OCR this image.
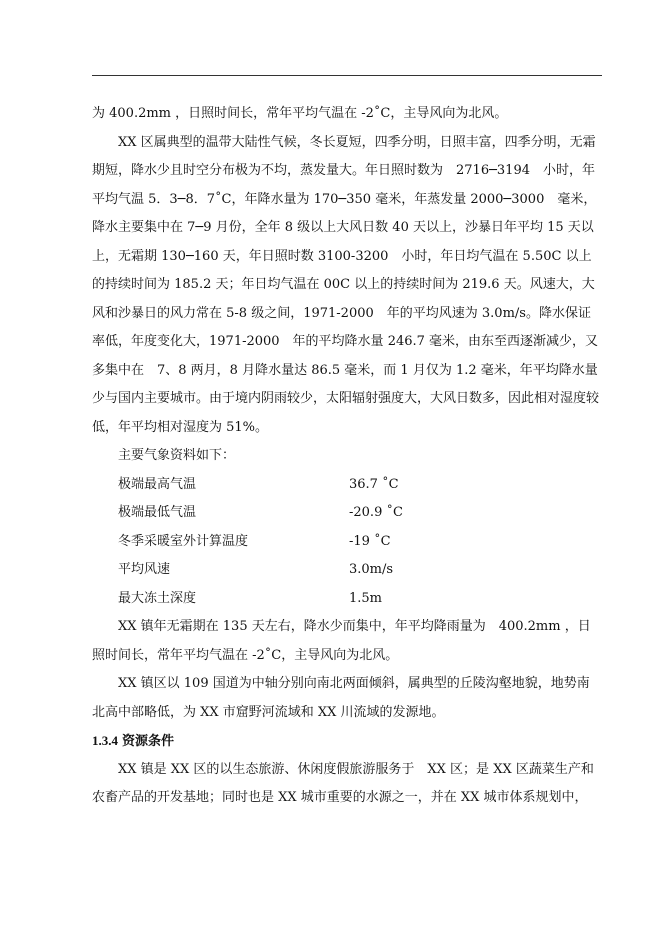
为 400.2mm ，日照时间长，常年平均气温在 -2˚C，主导风向为北风。

XX 区属典型的温带大陆性气候，冬长夏短，四季分明，日照丰富，四季分明，无霜期短，降水少且时空分布极为不均，蒸发量大。年日照时数为　2716─3194　小时，年平均气温 5．3─8．7˚C，年降水量为 170─350 毫米，年蒸发量 2000─3000　毫米，降水主要集中在 7─9 月份，全年 8 级以上大风日数 40 天以上，沙暴日年平均 15 天以上，无霜期 130─160 天，年日照时数 3100-3200　小时，年日均气温在 5.50C 以上的持续时间为 185.2 天；年日均气温在 00C 以上的持续时间为 219.6 天。风速大，大风和沙暴日的风力常在 5-8 级之间，1971-2000　年的平均风速为 3.0m/s。降水保证率低，年度变化大，1971-2000　年的平均降水量 246.7 毫米，由东至西逐渐减少，又多集中在　7、8 两月，8 月降水量达 86.5 毫米，而 1 月仅为 1.2 毫米，年平均降水量少与国内主要城市。由于境内阴雨较少，太阳辐射强度大，大风日数多，因此相对湿度较低，年平均相对湿度为 51%。

主要气象资料如下：

极端最高气温	36.7 ˚C
极端最低气温	-20.9 ˚C
冬季采暖室外计算温度	-19 ˚C
平均风速	3.0m/s
最大冻土深度	1.5m

XX 镇年无霜期在 135 天左右，降水少而集中，年平均降雨量为　400.2mm ，日照时间长，常年平均气温在 -2˚C，主导风向为北风。

XX 镇区以 109 国道为中轴分别向南北两面倾斜，属典型的丘陵沟壑地貌，地势南北高中部略低，为 XX 市窟野河流域和 XX 川流域的发源地。

1.3.4 资源条件

XX 镇是 XX 区的以生态旅游、休闲度假旅游服务于　XX 区；是 XX 区蔬菜生产和农畜产品的开发基地；同时也是 XX 城市重要的水源之一，并在 XX 城市体系规划中，
